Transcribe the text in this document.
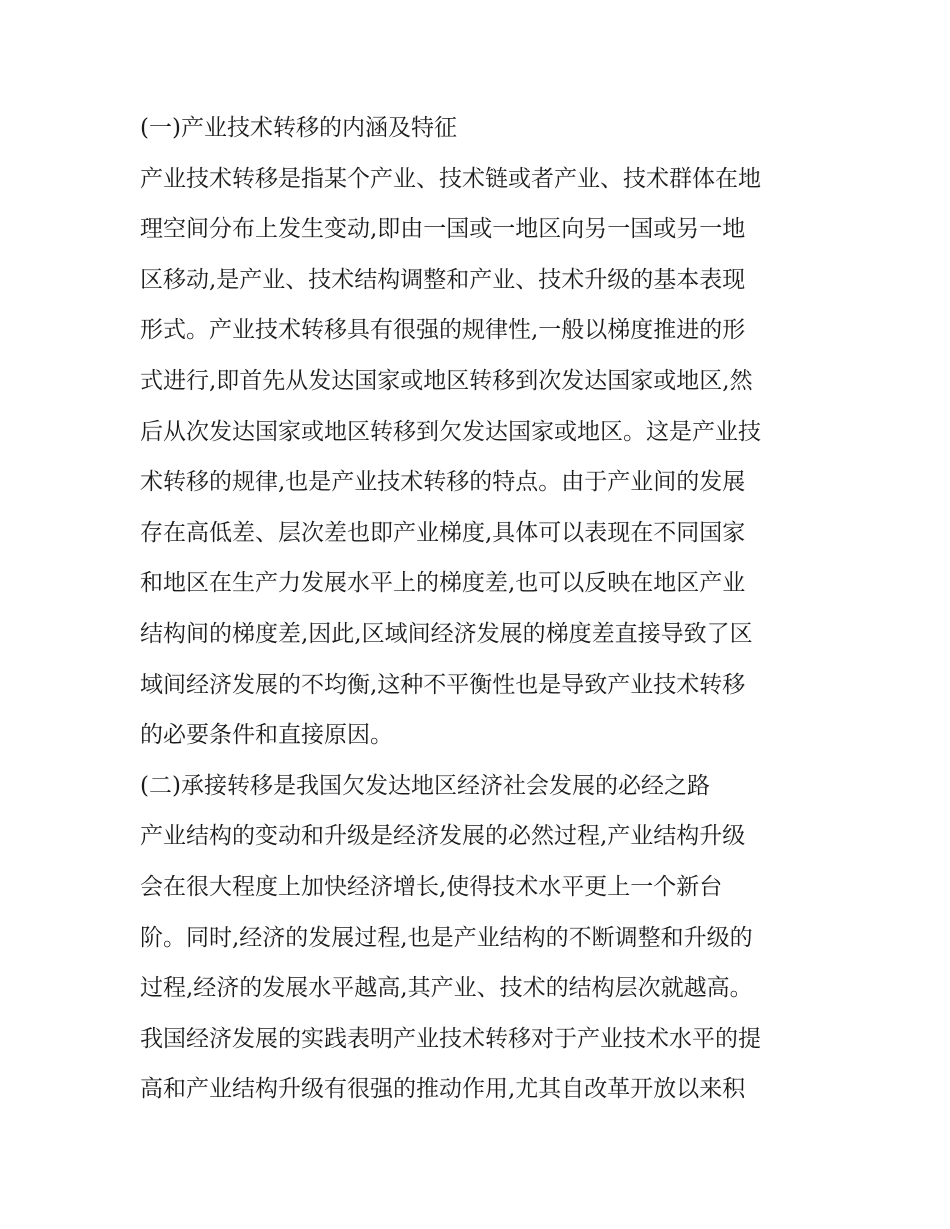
(一)产业技术转移的内涵及特征
产业技术转移是指某个产业、技术链或者产业、技术群体在地
理空间分布上发生变动,即由一国或一地区向另一国或另一地
区移动,是产业、技术结构调整和产业、技术升级的基本表现
形式。产业技术转移具有很强的规律性,一般以梯度推进的形
式进行,即首先从发达国家或地区转移到次发达国家或地区,然
后从次发达国家或地区转移到欠发达国家或地区。这是产业技
术转移的规律,也是产业技术转移的特点。由于产业间的发展
存在高低差、层次差也即产业梯度,具体可以表现在不同国家
和地区在生产力发展水平上的梯度差,也可以反映在地区产业
结构间的梯度差,因此,区域间经济发展的梯度差直接导致了区
域间经济发展的不均衡,这种不平衡性也是导致产业技术转移
的必要条件和直接原因。
(二)承接转移是我国欠发达地区经济社会发展的必经之路
产业结构的变动和升级是经济发展的必然过程,产业结构升级
会在很大程度上加快经济增长,使得技术水平更上一个新台
阶。同时,经济的发展过程,也是产业结构的不断调整和升级的
过程,经济的发展水平越高,其产业、技术的结构层次就越高。
我国经济发展的实践表明产业技术转移对于产业技术水平的提
高和产业结构升级有很强的推动作用,尤其自改革开放以来积
